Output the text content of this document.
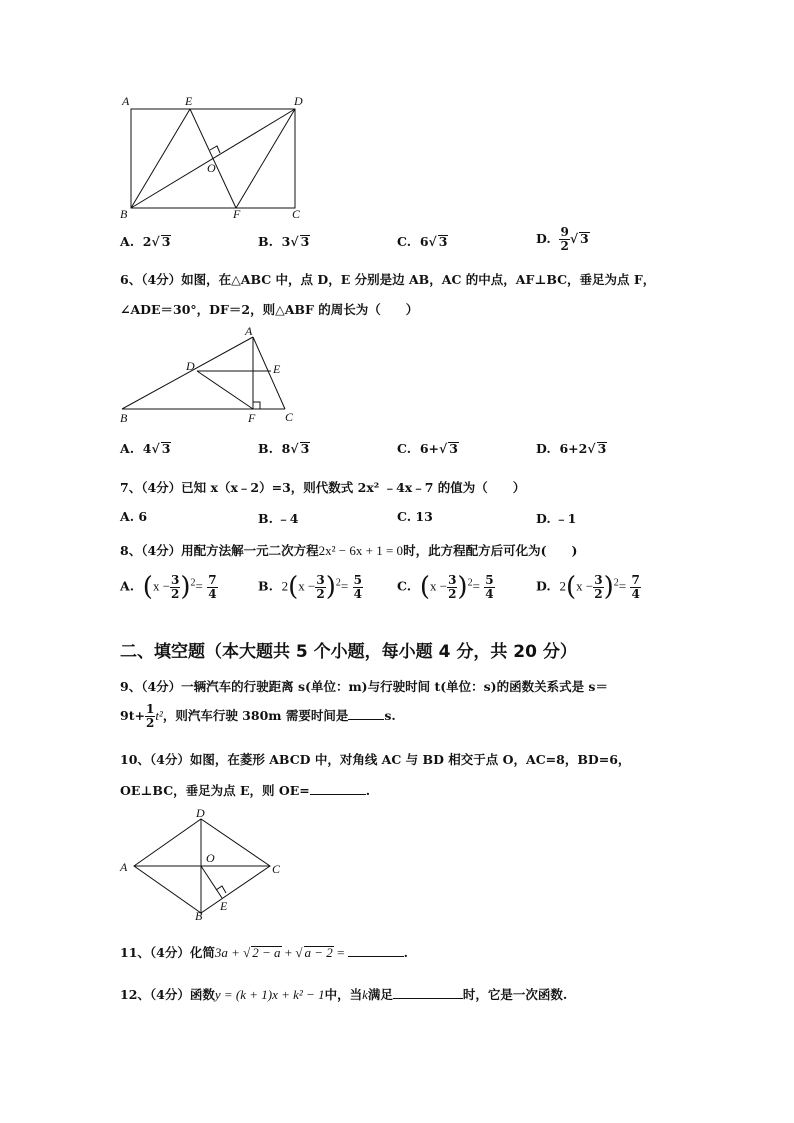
A	E	D
O
B	F	C
A. 2√ 3	B. 3√ 3	C. 6√ 3	D. $\frac{9}{2}$ √ 3
6、（4分）如图，在△ABC 中，点 D，E 分别是边 AB，AC 的中点，AF⊥BC，垂足为点 F，
∠ADE＝30°，DF＝2，则△ABF 的周长为（　　）
A
D	E
B	F C
A. 4√ 3	B. 8√ 3	C. 6+√ 3	D. 6+2√ 3
7、（4分）已知 x（x﹣2）=3，则代数式 2x² ﹣4x﹣7 的值为（　　）
A. 6	B. ﹣4	C. 13	D. ﹣1
8、（4分）用配方法解一元二次方程2x² − 6x + 1 = 0时，此方程配方后可化为(　　)
A. $(x - \frac{3}{2} )^2= \frac{7}{4}$	B. $2(x - \frac{3}{2} )^2= \frac{5}{4}$	C. $(x - \frac{3}{2} )^2= \frac{5}{4}$	D. $2(x - \frac{3}{2} )^2= \frac{7}{4}$
二、填空题（本大题共 5 个小题，每小题 4 分，共 20 分）
9、（4分）一辆汽车的行驶距离 s(单位：m)与行驶时间 t(单位：s)的函数关系式是 s＝
$9t+ \frac{1}{2} t^2$，则汽车行驶 380m 需要时间是	s.
10、（4分）如图，在菱形 ABCD 中，对角线 AC 与 BD 相交于点 O，AC=8，BD=6，
OE⊥BC，垂足为点 E，则 OE=	.
D
A
O
C
B
E
11、（4分）化简3a + √ 2 − a + √ a − 2 =	.
12、（4分）函数y = (k + 1)x + k² − 1中，当k满足	时，它是一次函数.
